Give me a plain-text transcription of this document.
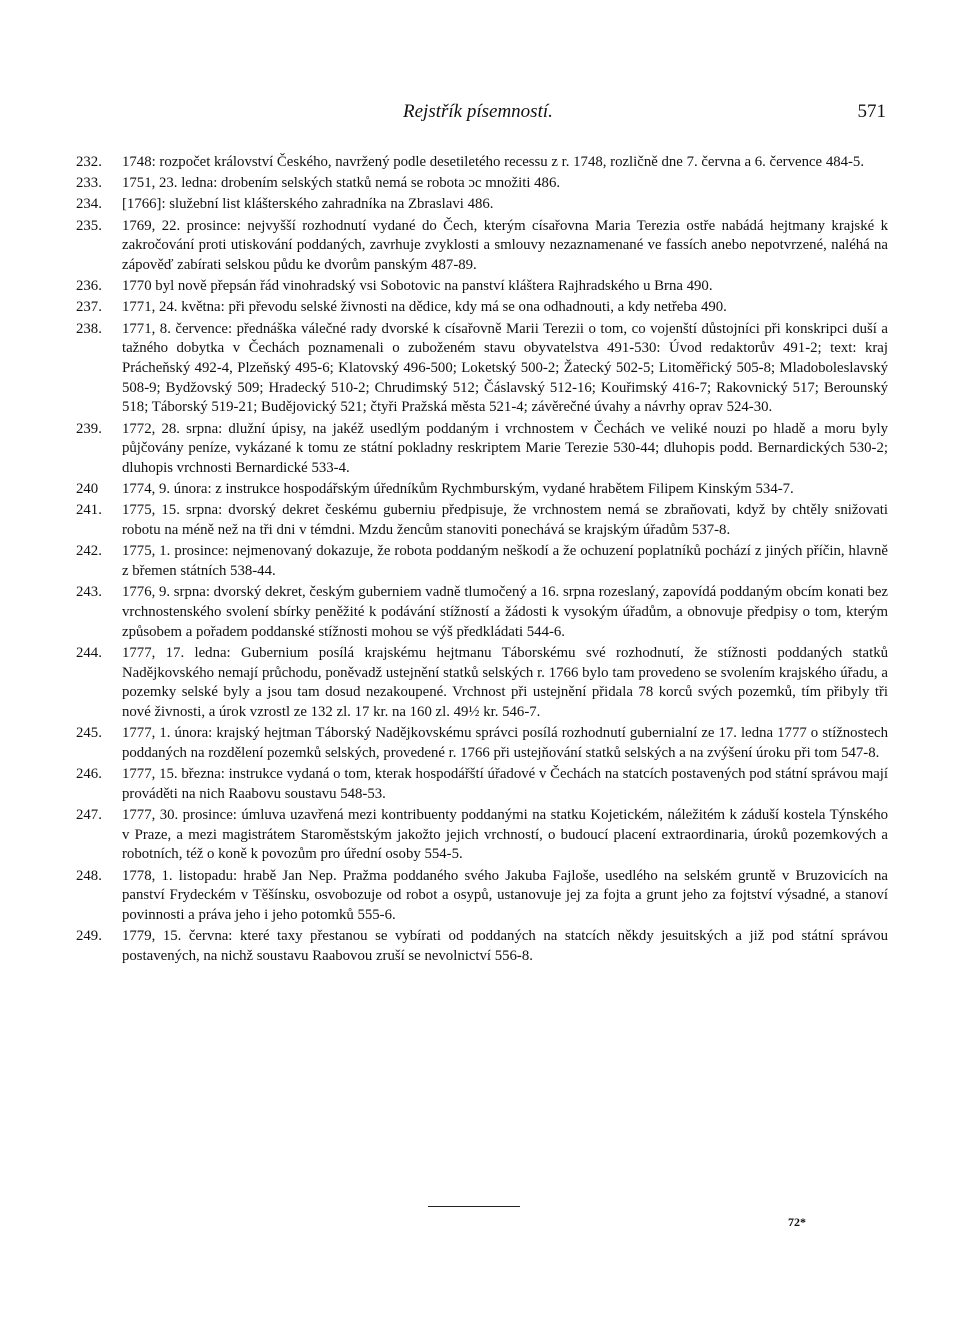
Rejstřík písemností.	571
232. 1748: rozpočet království Českého, navržený podle desetiletého recessu z r. 1748, rozličně dne 7. června a 6. července 484-5.
233. 1751, 23. ledna: drobením selských statků nemá se robota ɔc množiti 486.
234. [1766]: služební list klášterského zahradníka na Zbraslavi 486.
235. 1769, 22. prosince: nejvyšší rozhodnutí vydané do Čech, kterým císařovna Maria Terezia ostře nabádá hejtmany krajské k zakročování proti utiskování poddaných, zavrhuje zvyklosti a smlouvy nezaznamenané ve fassích anebo nepotvrzené, naléhá na zápověď zabírati selskou půdu ke dvorům panským 487-89.
236. 1770 byl nově přepsán řád vinohradský vsi Sobotovic na panství kláštera Rajhradského u Brna 490.
237. 1771, 24. května: při převodu selské živnosti na dědice, kdy má se ona odhadnouti, a kdy netřeba 490.
238. 1771, 8. července: přednáška válečné rady dvorské k císařovně Marii Terezii o tom, co vojenští důstojníci při konskripci duší a tažného dobytka v Čechách poznamenali o zuboženém stavu obyvatelstva 491-530: Úvod redaktorův 491-2; text: kraj Prácheňský 492-4, Plzeňský 495-6; Klatovský 496-500; Loketský 500-2; Žatecký 502-5; Litoměřický 505-8; Mladoboleslavský 508-9; Bydžovský 509; Hradecký 510-2; Chrudimský 512; Čáslavský 512-16; Kouřimský 416-7; Rakovnický 517; Berounský 518; Táborský 519-21; Budějovický 521; čtyři Pražská města 521-4; závěrečné úvahy a návrhy oprav 524-30.
239. 1772, 28. srpna: dlužní úpisy, na jakéž usedlým poddaným i vrchnostem v Čechách ve veliké nouzi po hladě a moru byly půjčovány peníze, vykázané k tomu ze státní pokladny reskriptem Marie Terezie 530-44; dluhopis podd. Bernardických 530-2; dluhopis vrchnosti Bernardické 533-4.
240 1774, 9. února: z instrukce hospodářským úředníkům Rychmburským, vydané hrabětem Filipem Kinským 534-7.
241. 1775, 15. srpna: dvorský dekret českému guberniu předpisuje, že vrchnostem nemá se zbraňovati, když by chtěly snižovati robotu na méně než na tři dni v témdni. Mzdu žencům stanoviti ponechává se krajským úřadům 537-8.
242. 1775, 1. prosince: nejmenovaný dokazuje, že robota poddaným neškodí a že ochuzení poplatníků pochází z jiných příčin, hlavně z břemen státních 538-44.
243. 1776, 9. srpna: dvorský dekret, českým guberniem vadně tlumočený a 16. srpna rozeslaný, zapovídá poddaným obcím konati bez vrchnostenského svolení sbírky peněžité k podávání stížností a žádosti k vysokým úřadům, a obnovuje předpisy o tom, kterým způsobem a pořadem poddanské stížnosti mohou se výš předkládati 544-6.
244. 1777, 17. ledna: Gubernium posílá krajskému hejtmanu Táborskému své rozhodnutí, že stížnosti poddaných statků Nadějkovského nemají průchodu, poněvadž ustejnění statků selských r. 1766 bylo tam provedeno se svolením krajského úřadu, a pozemky selské byly a jsou tam dosud nezakoupené. Vrchnost při ustejnění přidala 78 korců svých pozemků, tím přibyly tři nové živnosti, a úrok vzrostl ze 132 zl. 17 kr. na 160 zl. 49½ kr. 546-7.
245. 1777, 1. února: krajský hejtman Táborský Nadějkovskému správci posílá rozhodnutí gubernialní ze 17. ledna 1777 o stížnostech poddaných na rozdělení pozemků selských, provedené r. 1766 při ustejňování statků selských a na zvýšení úroku při tom 547-8.
246. 1777, 15. března: instrukce vydaná o tom, kterak hospodářští úřadové v Čechách na statcích postavených pod státní správou mají prováděti na nich Raabovu soustavu 548-53.
247. 1777, 30. prosince: úmluva uzavřená mezi kontribuenty poddanými na statku Kojetickém, náležitém k záduší kostela Týnského v Praze, a mezi magistrátem Staroměstským jakožto jejich vrchností, o budoucí placení extraordinaria, úroků pozemkových a robotních, též o koně k povozům pro úřední osoby 554-5.
248. 1778, 1. listopadu: hrabě Jan Nep. Pražma poddaného svého Jakuba Fajloše, usedlého na selském gruntě v Bruzovicích na panství Frydeckém v Těšínsku, osvobozuje od robot a osypů, ustanovuje jej za fojta a grunt jeho za fojtství výsadné, a stanoví povinnosti a práva jeho i jeho potomků 555-6.
249. 1779, 15. června: které taxy přestanou se vybírati od poddaných na statcích někdy jesuitských a již pod státní správou postavených, na nichž soustavu Raabovou zruší se nevolnictví 556-8.
72*
